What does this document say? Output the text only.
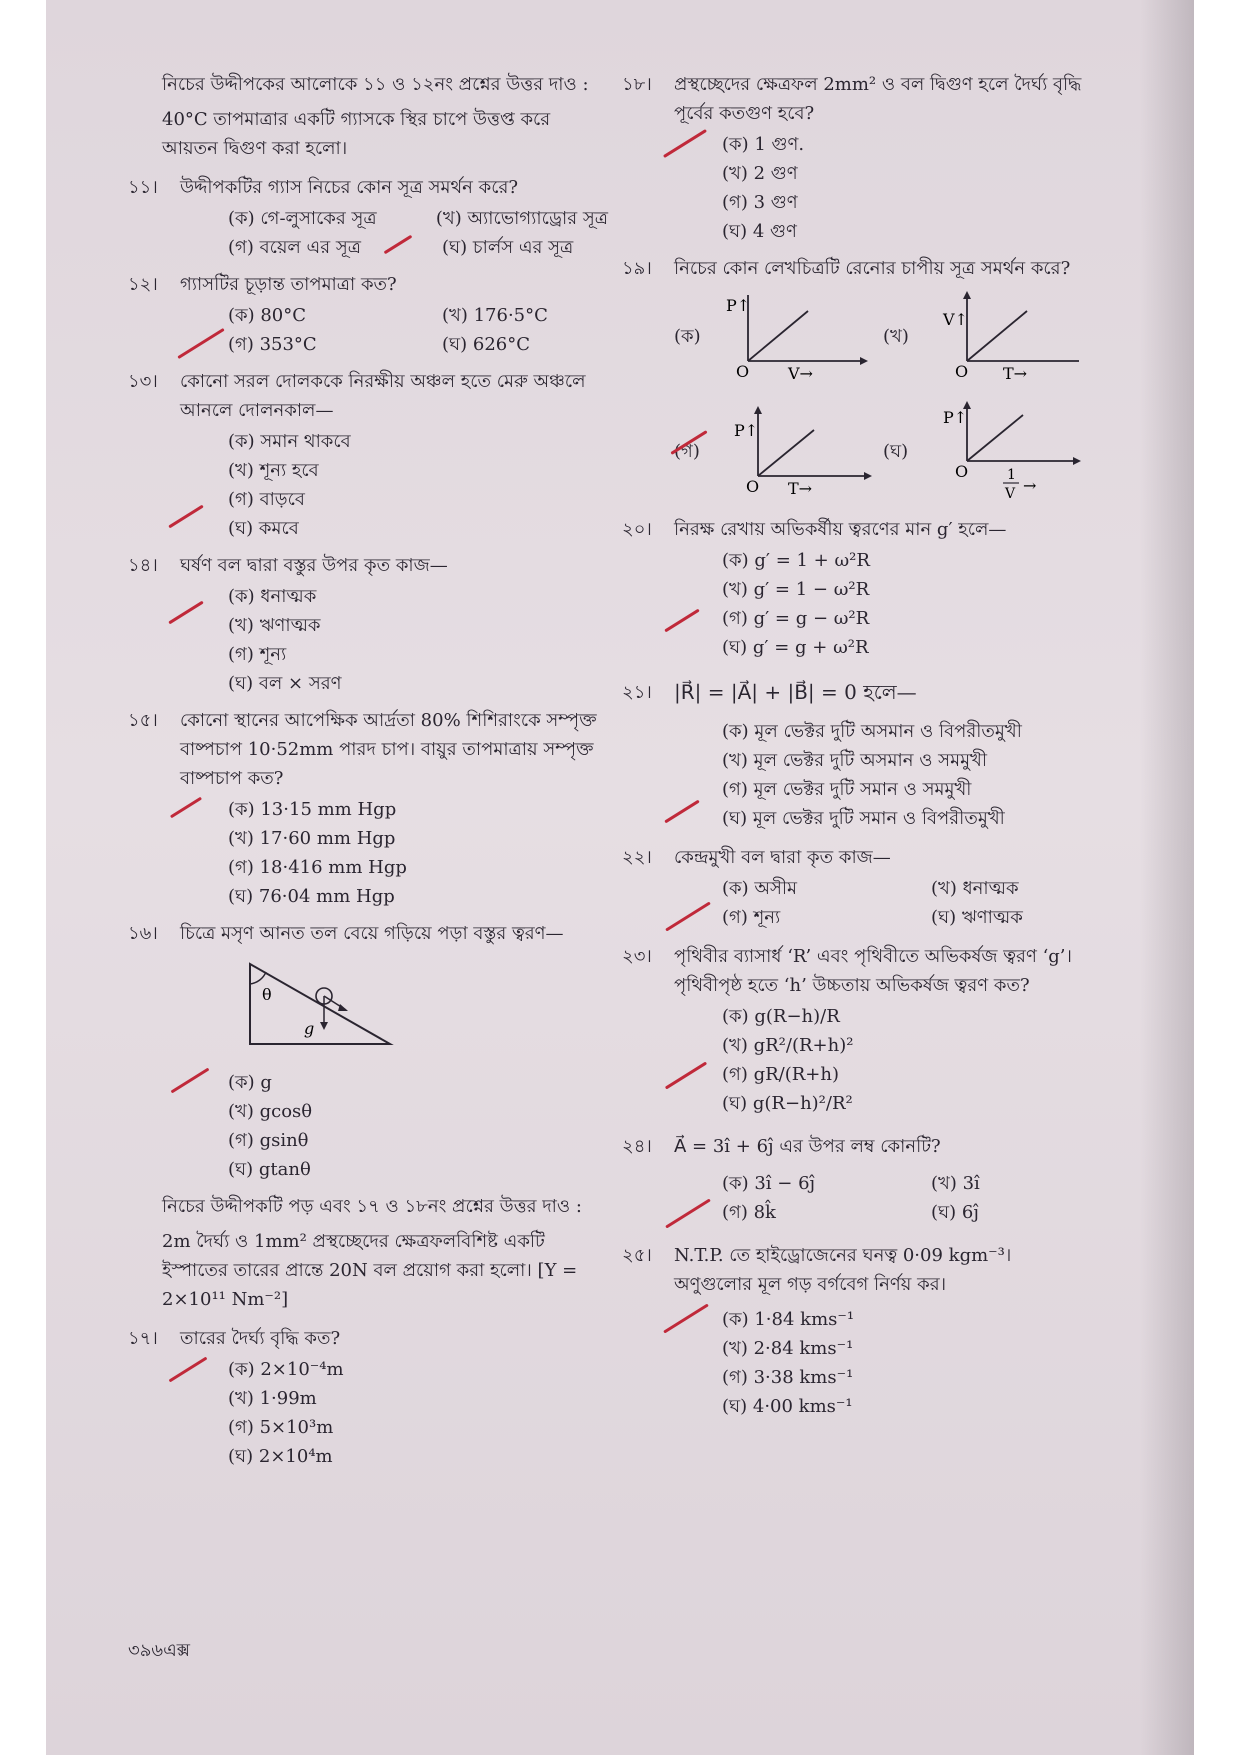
নিচের উদ্দীপকের আলোকে ১১ ও ১২নং প্রশ্নের উত্তর দাও :

40°C তাপমাত্রার একটি গ্যাসকে স্থির চাপে উত্তপ্ত করে আয়তন দ্বিগুণ করা হলো।

১১। উদ্দীপকটির গ্যাস নিচের কোন সূত্র সমর্থন করে?
(ক) গে-লুসাকের সূত্র	(খ) অ্যাভোগ্যাড্রোর সূত্র
(গ) বয়েল এর সূত্র	(ঘ) চার্লস এর সূত্র
১২। গ্যাসটির চূড়ান্ত তাপমাত্রা কত?
(ক) 80°C	(খ) 176·5°C
(গ) 353°C	(ঘ) 626°C
১৩। কোনো সরল দোলককে নিরক্ষীয় অঞ্চল হতে মেরু অঞ্চলে আনলে দোলনকাল—
(ক) সমান থাকবে
(খ) শূন্য হবে
(গ) বাড়বে
(ঘ) কমবে
১৪। ঘর্ষণ বল দ্বারা বস্তুর উপর কৃত কাজ—
(ক) ধনাত্মক
(খ) ঋণাত্মক
(গ) শূন্য
(ঘ) বল × সরণ
১৫। কোনো স্থানের আপেক্ষিক আর্দ্রতা 80% শিশিরাংকে সম্পৃক্ত বাষ্পচাপ 10·52mm পারদ চাপ। বায়ুর তাপমাত্রায় সম্পৃক্ত বাষ্পচাপ কত?
(ক) 13·15 mm Hgp
(খ) 17·60 mm Hgp
(গ) 18·416 mm Hgp
(ঘ) 76·04 mm Hgp
১৬। চিত্রে মসৃণ আনত তল বেয়ে গড়িয়ে পড়া বস্তুর ত্বরণ—
θ
g
(ক) g
(খ) gcosθ
(গ) gsinθ
(ঘ) gtanθ
নিচের উদ্দীপকটি পড় এবং ১৭ ও ১৮নং প্রশ্নের উত্তর দাও :

2m দৈর্ঘ্য ও 1mm² প্রস্থচ্ছেদের ক্ষেত্রফলবিশিষ্ট একটি ইস্পাতের তারের প্রান্তে 20N বল প্রয়োগ করা হলো। [Y = 2×10¹¹ Nm⁻²]

১৭। তারের দৈর্ঘ্য বৃদ্ধি কত?
(ক) 2×10⁻⁴m
(খ) 1·99m
(গ) 5×10³m
(ঘ) 2×10⁴m
১৮। প্রস্থচ্ছেদের ক্ষেত্রফল 2mm² ও বল দ্বিগুণ হলে দৈর্ঘ্য বৃদ্ধি পূর্বের কতগুণ হবে?
(ক) 1 গুণ.
(খ) 2 গুণ
(গ) 3 গুণ
(ঘ) 4 গুণ
১৯। নিচের কোন লেখচিত্রটি রেনোর চাপীয় সূত্র সমর্থন করে?
(ক)
P↑
O V→
(খ)
V↑
O T→
(গ)
P↑
O T→
(ঘ)
P↑
O	1
V →
২০। নিরক্ষ রেখায় অভিকর্ষীয় ত্বরণের মান g′ হলে—
(ক) g′ = 1 + ω²R
(খ) g′ = 1 − ω²R
(গ) g′ = g − ω²R
(ঘ) g′ = g + ω²R
২১। |R⃗| = |A⃗| + |B⃗| = 0 হলে—
(ক) মূল ভেক্টর দুটি অসমান ও বিপরীতমুখী
(খ) মূল ভেক্টর দুটি অসমান ও সমমুখী
(গ) মূল ভেক্টর দুটি সমান ও সমমুখী
(ঘ) মূল ভেক্টর দুটি সমান ও বিপরীতমুখী
২২। কেন্দ্রমুখী বল দ্বারা কৃত কাজ—
(ক) অসীম	(খ) ধনাত্মক
(গ) শূন্য	(ঘ) ঋণাত্মক
২৩। পৃথিবীর ব্যাসার্ধ ‘R’ এবং পৃথিবীতে অভিকর্ষজ ত্বরণ ‘g’। পৃথিবীপৃষ্ঠ হতে ‘h’ উচ্চতায় অভিকর্ষজ ত্বরণ কত?
(ক) g(R−h)/R
(খ) gR²/(R+h)²
(গ) gR/(R+h)
(ঘ) g(R−h)²/R²
২৪। A⃗ = 3î + 6ĵ এর উপর লম্ব কোনটি?
(ক) 3î − 6ĵ	(খ) 3î
(গ) 8k̂	(ঘ) 6ĵ
২৫। N.T.P. তে হাইড্রোজেনের ঘনত্ব 0·09 kgm⁻³। অণুগুলোর মূল গড় বর্গবেগ নির্ণয় কর।
(ক) 1·84 kms⁻¹
(খ) 2·84 kms⁻¹
(গ) 3·38 kms⁻¹
(ঘ) 4·00 kms⁻¹
৩৯৬এক্স
